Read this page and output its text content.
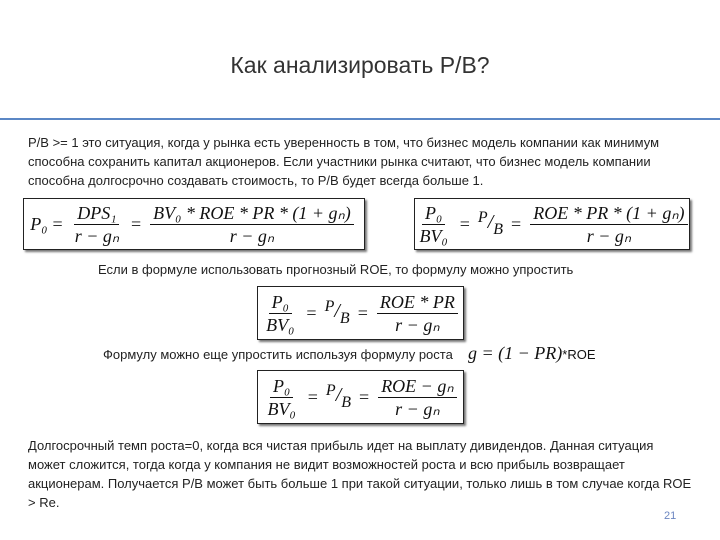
Как анализировать P/B?
P/B >= 1 это ситуация, когда у рынка есть уверенность в том, что бизнес модель компании как минимум способна сохранить капитал акционеров. Если участники рынка считают, что бизнес модель компании способна долгосрочно создавать стоимость, то P/B будет всегда больше 1.
$P_0 = \frac{\text{DPS₁}}{\text{r − gₙ}} = \frac{\text{BV₀ * ROE * PR * (1 + gₙ)}}{\text{r − gₙ}}$	$\frac{\text{P₀}}{\text{BV₀}} = ^P/_B = \frac{\text{ROE * PR * (1 + gₙ)}}{\text{r − gₙ}}$
Если в формуле использовать прогнозный ROE, то формулу можно упростить
$\frac{\text{P₀}}{\text{BV₀}} = ^P/_B = \frac{\text{ROE * PR}}{\text{r − gₙ}}$
Формулу можно еще упростить используя формулу роста g = (1 − PR)*ROE
$\frac{\text{P₀}}{\text{BV₀}} = ^P/_B = \frac{\text{ROE − gₙ}}{\text{r − gₙ}}$
Долгосрочный темп роста=0, когда вся чистая прибыль идет на выплату дивидендов. Данная ситуация может сложится, тогда когда у компания не видит возможностей роста и всю прибыль возвращает акционерам. Получается P/B может быть больше 1 при такой ситуации, только лишь в том случае когда ROE > Re.
21
